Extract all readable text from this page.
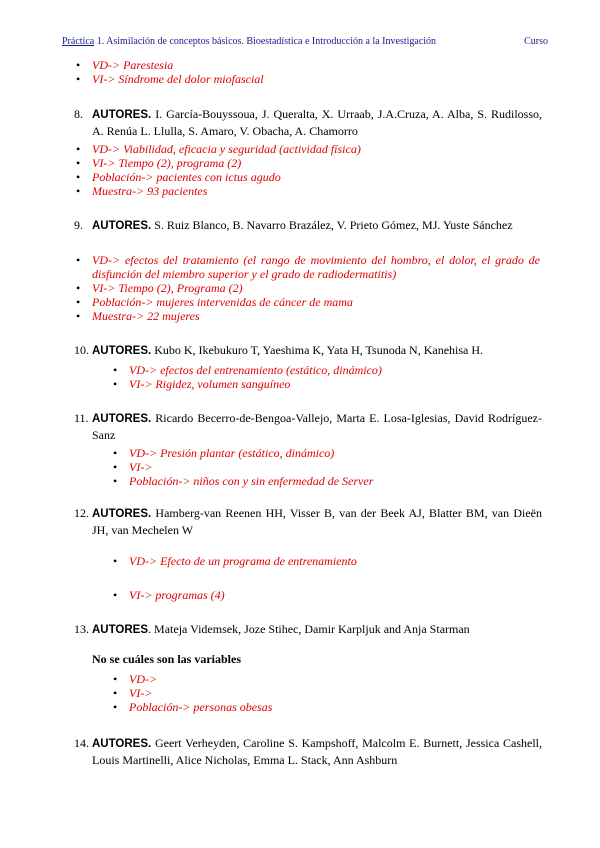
Práctica 1. Asimilación de conceptos básicos. Bioestadística e Introducción a la Investigación	Curso
• VD-> Parestesia
• VI-> Síndrome del dolor miofascial
8. AUTORES. I. García-Bouyssoua, J. Queralta, X. Urraab, J.A.Cruza, A. Alba, S. Rudilosso, A. Renúa L. Llulla, S. Amaro, V. Obacha, A. Chamorro
• VD-> Viabilidad, eficacia y seguridad (actividad física)
• VI-> Tiempo (2), programa (2)
• Población-> pacientes con ictus agudo
• Muestra-> 93 pacientes
9. AUTORES. S. Ruiz Blanco, B. Navarro Brazález, V. Prieto Gómez, MJ. Yuste Sánchez
• VD-> efectos del tratamiento (el rango de movimiento del hombro, el dolor, el grado de disfunción del miembro superior y el grado de radiodermatitis)
• VI-> Tiempo (2), Programa (2)
• Población-> mujeres intervenidas de cáncer de mama
• Muestra-> 22 mujeres
10. AUTORES. Kubo K, Ikebukuro T, Yaeshima K, Yata H, Tsunoda N, Kanehisa H.
• VD-> efectos del entrenamiento (estático, dinámico)
• VI-> Rigidez, volumen sanguíneo
11. AUTORES. Ricardo Becerro-de-Bengoa-Vallejo, Marta E. Losa-Iglesias, David Rodríguez-Sanz
• VD-> Presión plantar (estático, dinámico)
• VI->
• Población-> niños con y sin enfermedad de Server
12. AUTORES. Hamberg-van Reenen HH, Visser B, van der Beek AJ, Blatter BM, van Dieën JH, van Mechelen W
• VD-> Efecto de un programa de entrenamiento
• VI-> programas (4)
13. AUTORES. Mateja Videmsek, Joze Stihec, Damir Karpljuk and Anja Starman
No se cuáles son las variables
• VD->
• VI->
• Población-> personas obesas
14. AUTORES. Geert Verheyden, Caroline S. Kampshoff, Malcolm E. Burnett, Jessica Cashell, Louis Martinelli, Alice Nicholas, Emma L. Stack, Ann Ashburn
